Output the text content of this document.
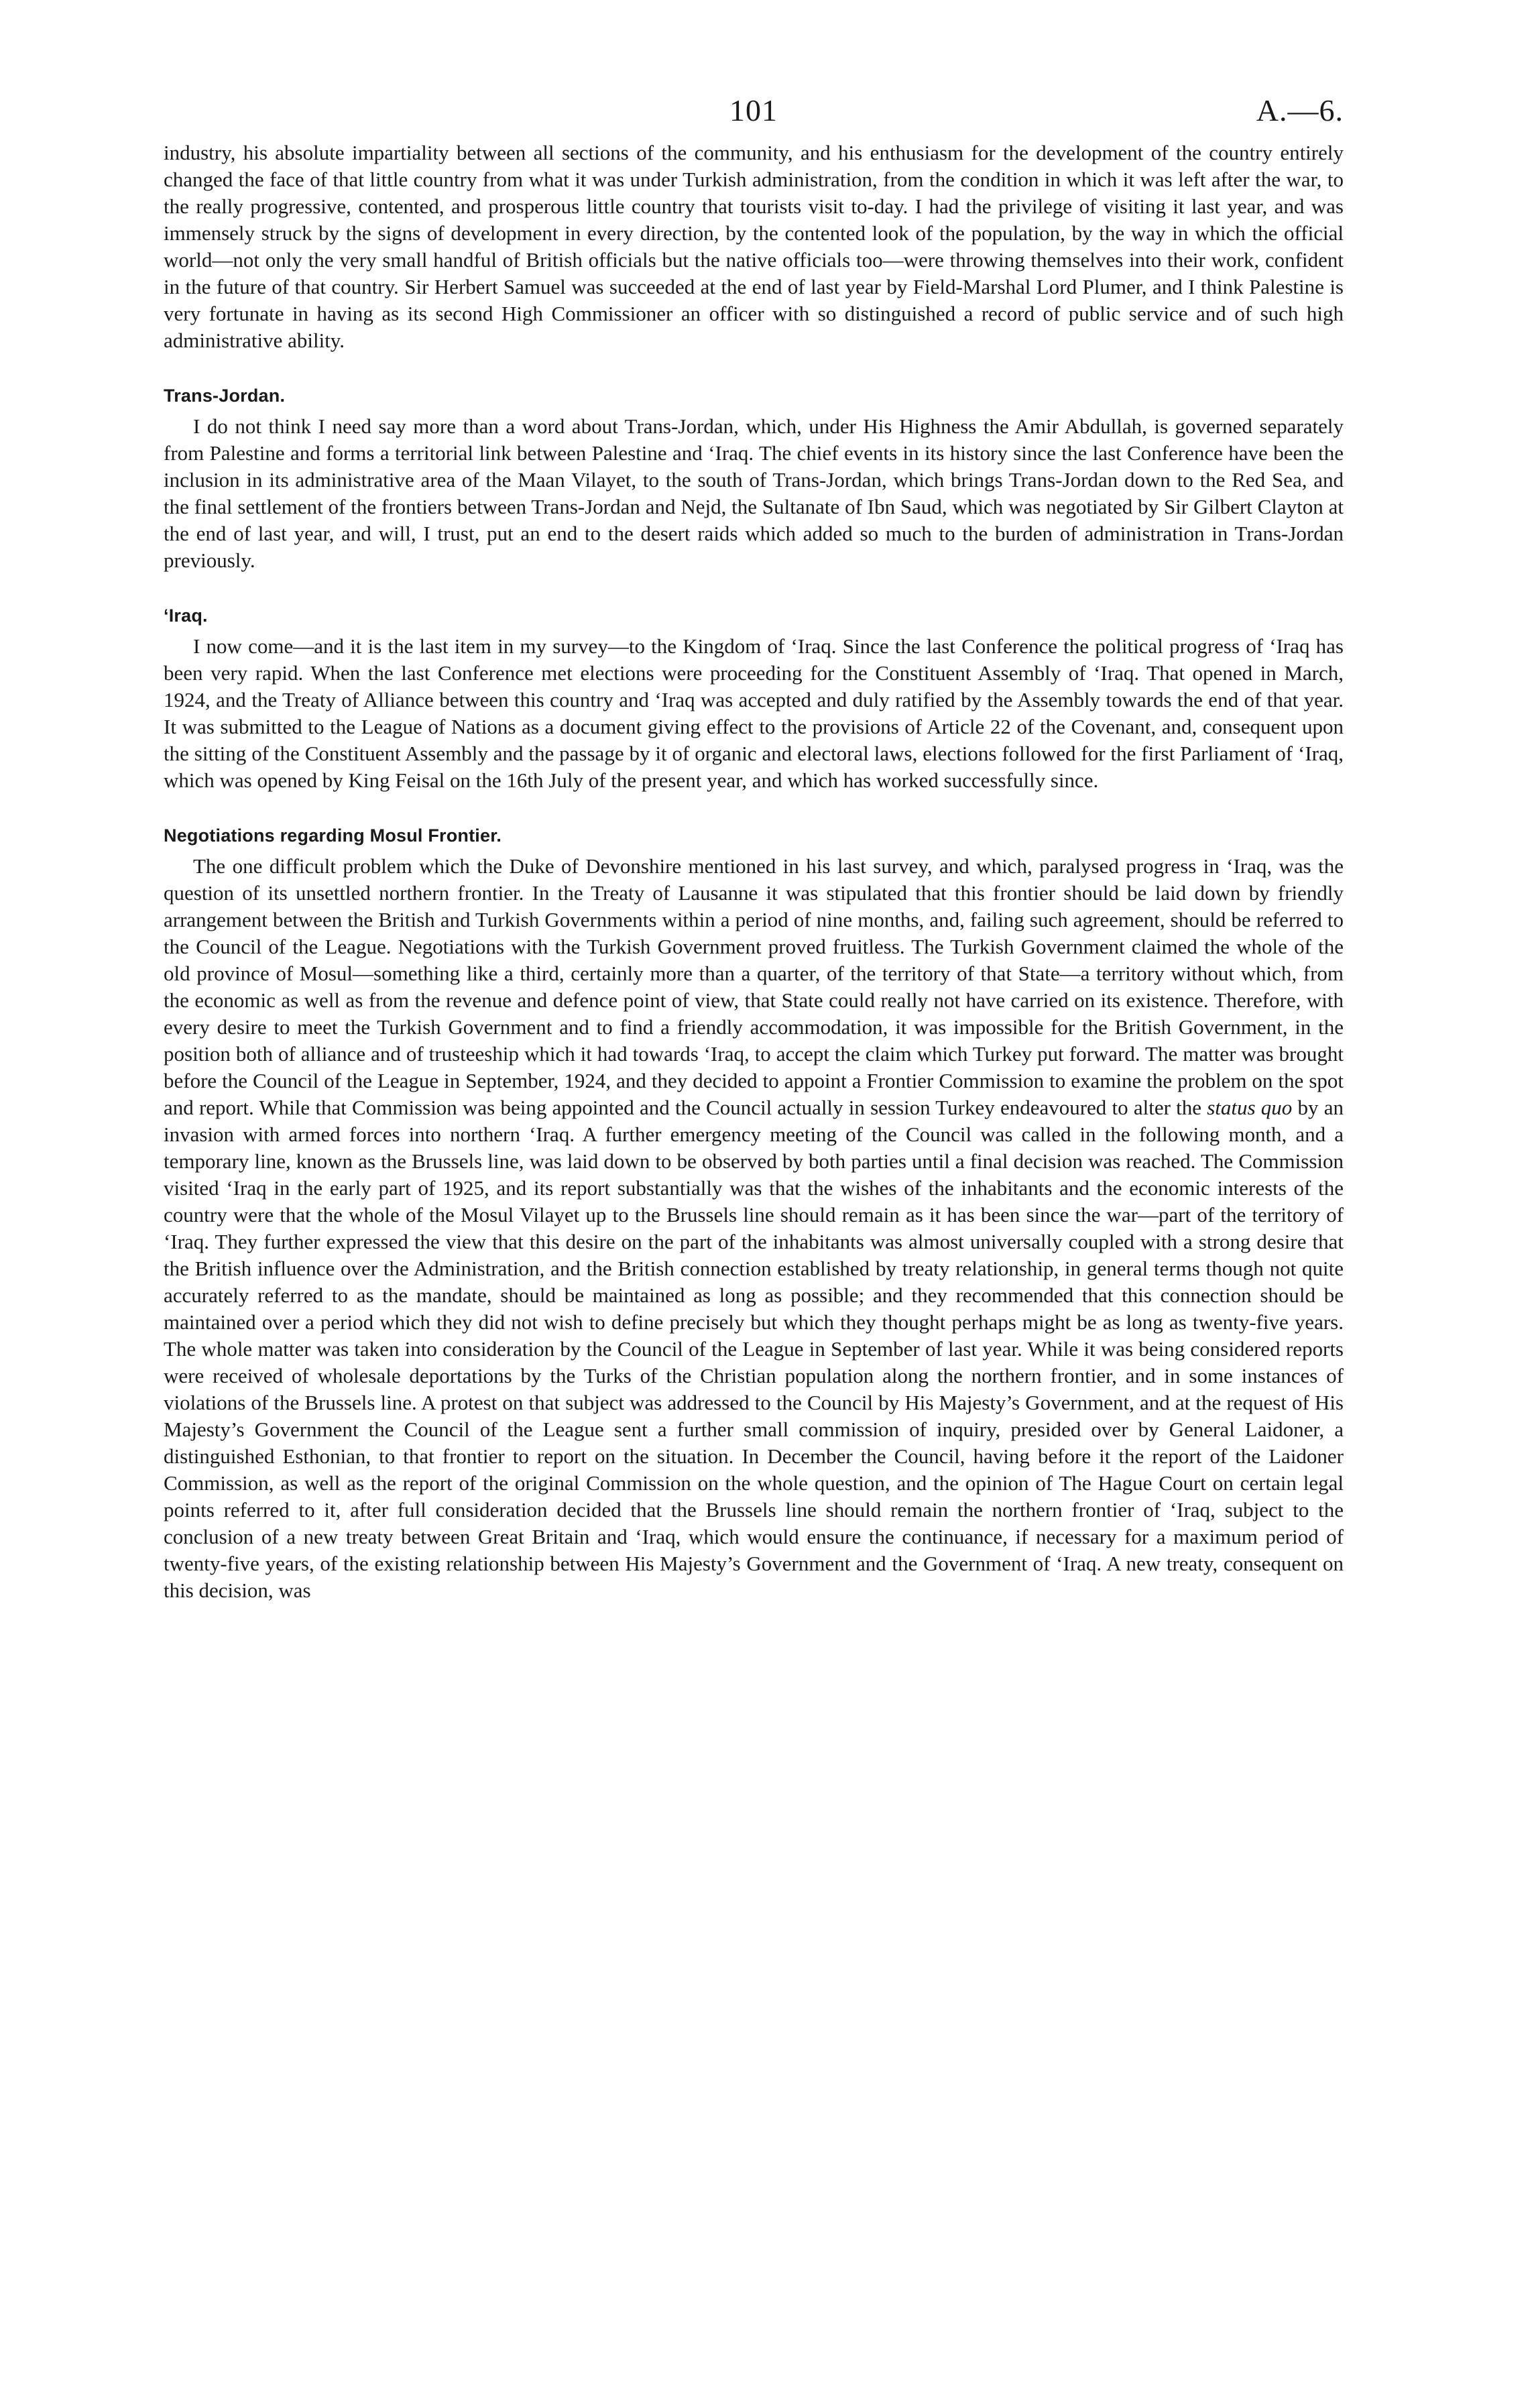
101	A.—6.

industry, his absolute impartiality between all sections of the community, and his enthusiasm for the development of the country entirely changed the face of that little country from what it was under Turkish administration, from the condition in which it was left after the war, to the really progressive, contented, and prosperous little country that tourists visit to-day. I had the privilege of visiting it last year, and was immensely struck by the signs of development in every direction, by the contented look of the population, by the way in which the official world—not only the very small handful of British officials but the native officials too—were throwing themselves into their work, confident in the future of that country. Sir Herbert Samuel was succeeded at the end of last year by Field-Marshal Lord Plumer, and I think Palestine is very fortunate in having as its second High Commissioner an officer with so distinguished a record of public service and of such high administrative ability.

Trans-Jordan.

I do not think I need say more than a word about Trans-Jordan, which, under His Highness the Amir Abdullah, is governed separately from Palestine and forms a territorial link between Palestine and ‘Iraq. The chief events in its history since the last Conference have been the inclusion in its administrative area of the Maan Vilayet, to the south of Trans-Jordan, which brings Trans-Jordan down to the Red Sea, and the final settlement of the frontiers between Trans-Jordan and Nejd, the Sultanate of Ibn Saud, which was negotiated by Sir Gilbert Clayton at the end of last year, and will, I trust, put an end to the desert raids which added so much to the burden of administration in Trans-Jordan previously.

‘Iraq.

I now come—and it is the last item in my survey—to the Kingdom of ‘Iraq. Since the last Conference the political progress of ‘Iraq has been very rapid. When the last Conference met elections were proceeding for the Constituent Assembly of ‘Iraq. That opened in March, 1924, and the Treaty of Alliance between this country and ‘Iraq was accepted and duly ratified by the Assembly towards the end of that year. It was submitted to the League of Nations as a document giving effect to the provisions of Article 22 of the Covenant, and, consequent upon the sitting of the Constituent Assembly and the passage by it of organic and electoral laws, elections followed for the first Parliament of ‘Iraq, which was opened by King Feisal on the 16th July of the present year, and which has worked successfully since.

Negotiations regarding Mosul Frontier.

The one difficult problem which the Duke of Devonshire mentioned in his last survey, and which, paralysed progress in ‘Iraq, was the question of its unsettled northern frontier. In the Treaty of Lausanne it was stipulated that this frontier should be laid down by friendly arrangement between the British and Turkish Governments within a period of nine months, and, failing such agreement, should be referred to the Council of the League. Negotiations with the Turkish Government proved fruitless. The Turkish Government claimed the whole of the old province of Mosul—something like a third, certainly more than a quarter, of the territory of that State—a territory without which, from the economic as well as from the revenue and defence point of view, that State could really not have carried on its existence. Therefore, with every desire to meet the Turkish Government and to find a friendly accommodation, it was impossible for the British Government, in the position both of alliance and of trusteeship which it had towards ‘Iraq, to accept the claim which Turkey put forward. The matter was brought before the Council of the League in September, 1924, and they decided to appoint a Frontier Commission to examine the problem on the spot and report. While that Commission was being appointed and the Council actually in session Turkey endeavoured to alter the status quo by an invasion with armed forces into northern ‘Iraq. A further emergency meeting of the Council was called in the following month, and a temporary line, known as the Brussels line, was laid down to be observed by both parties until a final decision was reached. The Commission visited ‘Iraq in the early part of 1925, and its report substantially was that the wishes of the inhabitants and the economic interests of the country were that the whole of the Mosul Vilayet up to the Brussels line should remain as it has been since the war—part of the territory of ‘Iraq. They further expressed the view that this desire on the part of the inhabitants was almost universally coupled with a strong desire that the British influence over the Administration, and the British connection established by treaty relationship, in general terms though not quite accurately referred to as the mandate, should be maintained as long as possible; and they recommended that this connection should be maintained over a period which they did not wish to define precisely but which they thought perhaps might be as long as twenty-five years. The whole matter was taken into consideration by the Council of the League in September of last year. While it was being considered reports were received of wholesale deportations by the Turks of the Christian population along the northern frontier, and in some instances of violations of the Brussels line. A protest on that subject was addressed to the Council by His Majesty’s Government, and at the request of His Majesty’s Government the Council of the League sent a further small commission of inquiry, presided over by General Laidoner, a distinguished Esthonian, to that frontier to report on the situation. In December the Council, having before it the report of the Laidoner Commission, as well as the report of the original Commission on the whole question, and the opinion of The Hague Court on certain legal points referred to it, after full consideration decided that the Brussels line should remain the northern frontier of ‘Iraq, subject to the conclusion of a new treaty between Great Britain and ‘Iraq, which would ensure the continuance, if necessary for a maximum period of twenty-five years, of the existing relationship between His Majesty’s Government and the Government of ‘Iraq. A new treaty, consequent on this decision, was
